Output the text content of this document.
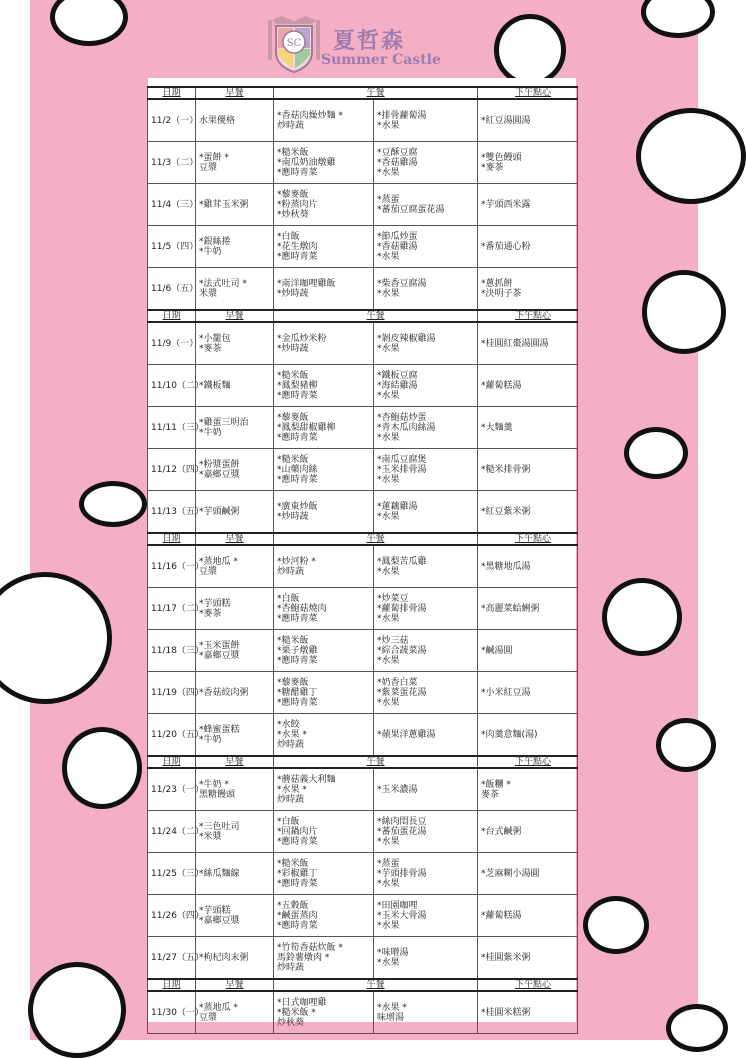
SC 夏哲森
Summer Castle
日期	早餐	午餐		下午點心
11/2（一）	水果優格	*香菇肉燥炒麵 *
炒時蔬	*排骨蘿蔔湯
*水果	*紅豆湯圓湯

11/3（二）	*蛋餅 *
豆漿	*糙米飯
*南瓜奶油燉雞
*應時青菜	*豆酥豆腐
*香菇雞湯
*水果	*雙色饅頭
*麥茶

11/4（三）	*雞茸玉米粥	*藜麥飯
*粉蒸肉片
*炒秋葵	*蒸蛋
*蕃茄豆腐蛋花湯	*芋頭西米露

11/5（四）	*銀絲捲
*牛奶	*白飯
*花生燉肉
*應時青菜	*節瓜炒蛋
*香菇雞湯
*水果	*番茄通心粉

11/6（五）	*法式吐司 *
米漿	*南洋咖哩雞飯
*炒時蔬	*柴香豆腐湯
*水果	*蔥抓餅
*決明子茶

日期	早餐	午餐		下午點心
11/9（一）	*小籠包
*麥茶	*金瓜炒米粉
*炒時蔬	*剝皮辣椒雞湯
*水果	*桂圓紅棗湯圓湯

11/10（二）	*鐵板麵	*糙米飯
*鳳梨豬柳
*應時青菜	*鐵板豆腐
*海結雞湯
*水果	*蘿蔔糕湯

11/11（三）	*雞蛋三明治
*牛奶	*藜麥飯
*鳳梨甜椒雞柳
*應時青菜	*杏鮑菇炒蛋
*青木瓜肉絲湯
*水果	*大麵羹

11/12（四）	*粉漿蛋餅
*嘉鄉豆漿	*糙米飯
*山藥肉絲
*應時青菜	*南瓜豆腐煲
*玉米排骨湯
*水果	*糙米排骨粥

11/13（五）	*芋頭鹹粥	*廣東炒飯
*炒時蔬	*蓮藕雞湯
*水果	*紅豆紫米粥

日期	早餐	午餐		下午點心
11/16（一）	*蒸地瓜 *
豆漿	*炒河粉 *
炒時蔬	*鳳梨苦瓜雞
*水果	*黑糖地瓜湯

11/17（二）	*芋頭糕
*麥茶	*白飯
*杏鮑菇燒肉
*應時青菜	*炒菜豆
*蘿蔔排骨湯
*水果	*高麗菜蛤蜊粥

11/18（三）	*玉米蛋餅
*嘉鄉豆漿	*糙米飯
*栗子燉雞
*應時青菜	*炒三菇
*綜合蔬菜湯
*水果	*鹹湯圓

11/19（四）	*香菇絞肉粥	*藜麥飯
*糖醋雞丁
*應時青菜	*奶香白菜
*紫菜蛋花湯
*水果	*小米紅豆湯

11/20（五）	*蜂蜜蛋糕
*牛奶	*水餃
*水果 *
炒時蔬	*蘋果洋蔥雞湯	*肉羹意麵(湯)

日期	早餐	午餐		下午點心
11/23（一）	*牛奶 *
黑糖饅頭	*蘑菇義大利麵
*水果 *
炒時蔬	*玉米濃湯	*飯糰 *
麥茶

11/24（二）	*三色吐司
*米漿	*白飯
*回鍋肉片
*應時青菜	*絲肉悶長豆
*蕃茄蛋花湯
*水果	*台式鹹粥

11/25（三）	*絲瓜麵線	*糙米飯
*彩椒雞丁
*應時青菜	*蒸蛋
*芋頭排骨湯
*水果	*芝麻糊小湯圓

11/26（四）	*芋頭糕
*嘉鄉豆漿	*五穀飯
*鹹蛋蒸肉
*應時青菜	*田園咖哩
*玉米大骨湯
*水果	*蘿蔔糕湯

11/27（五）	*枸杞肉末粥	*竹筍香菇炊飯 *
馬鈴薯燉肉 *
炒時蔬	*味噌湯
*水果	*桂圓紫米粥

日期	早餐	午餐		下午點心
11/30（一）	*蒸地瓜 *
豆漿	*日式咖哩雞
*糙米飯 *
炒秋葵	*水果 *
味增湯	*桂圓米糕粥
